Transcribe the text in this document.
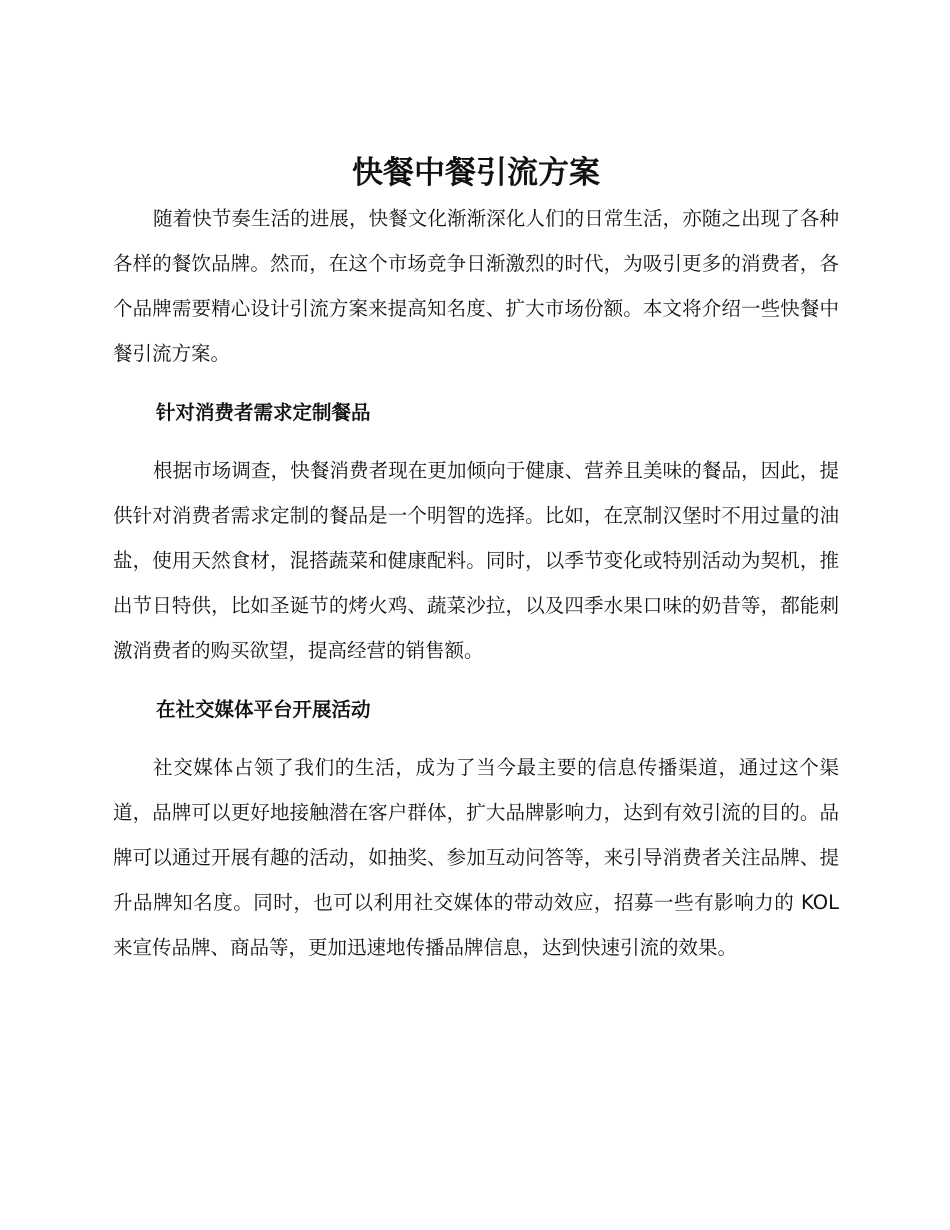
快餐中餐引流方案

随着快节奏生活的进展，快餐文化渐渐深化人们的日常生活，亦随之出现了各种各样的餐饮品牌。然而，在这个市场竞争日渐激烈的时代，为吸引更多的消费者，各个品牌需要精心设计引流方案来提高知名度、扩大市场份额。本文将介绍一些快餐中餐引流方案。

针对消费者需求定制餐品

根据市场调查，快餐消费者现在更加倾向于健康、营养且美味的餐品，因此，提供针对消费者需求定制的餐品是一个明智的选择。比如，在烹制汉堡时不用过量的油盐，使用天然食材，混搭蔬菜和健康配料。同时，以季节变化或特别活动为契机，推出节日特供，比如圣诞节的烤火鸡、蔬菜沙拉，以及四季水果口味的奶昔等，都能刺激消费者的购买欲望，提高经营的销售额。

在社交媒体平台开展活动

社交媒体占领了我们的生活，成为了当今最主要的信息传播渠道，通过这个渠道，品牌可以更好地接触潜在客户群体，扩大品牌影响力，达到有效引流的目的。品牌可以通过开展有趣的活动，如抽奖、参加互动问答等，来引导消费者关注品牌、提升品牌知名度。同时，也可以利用社交媒体的带动效应，招募一些有影响力的 KOL 来宣传品牌、商品等，更加迅速地传播品牌信息，达到快速引流的效果。
